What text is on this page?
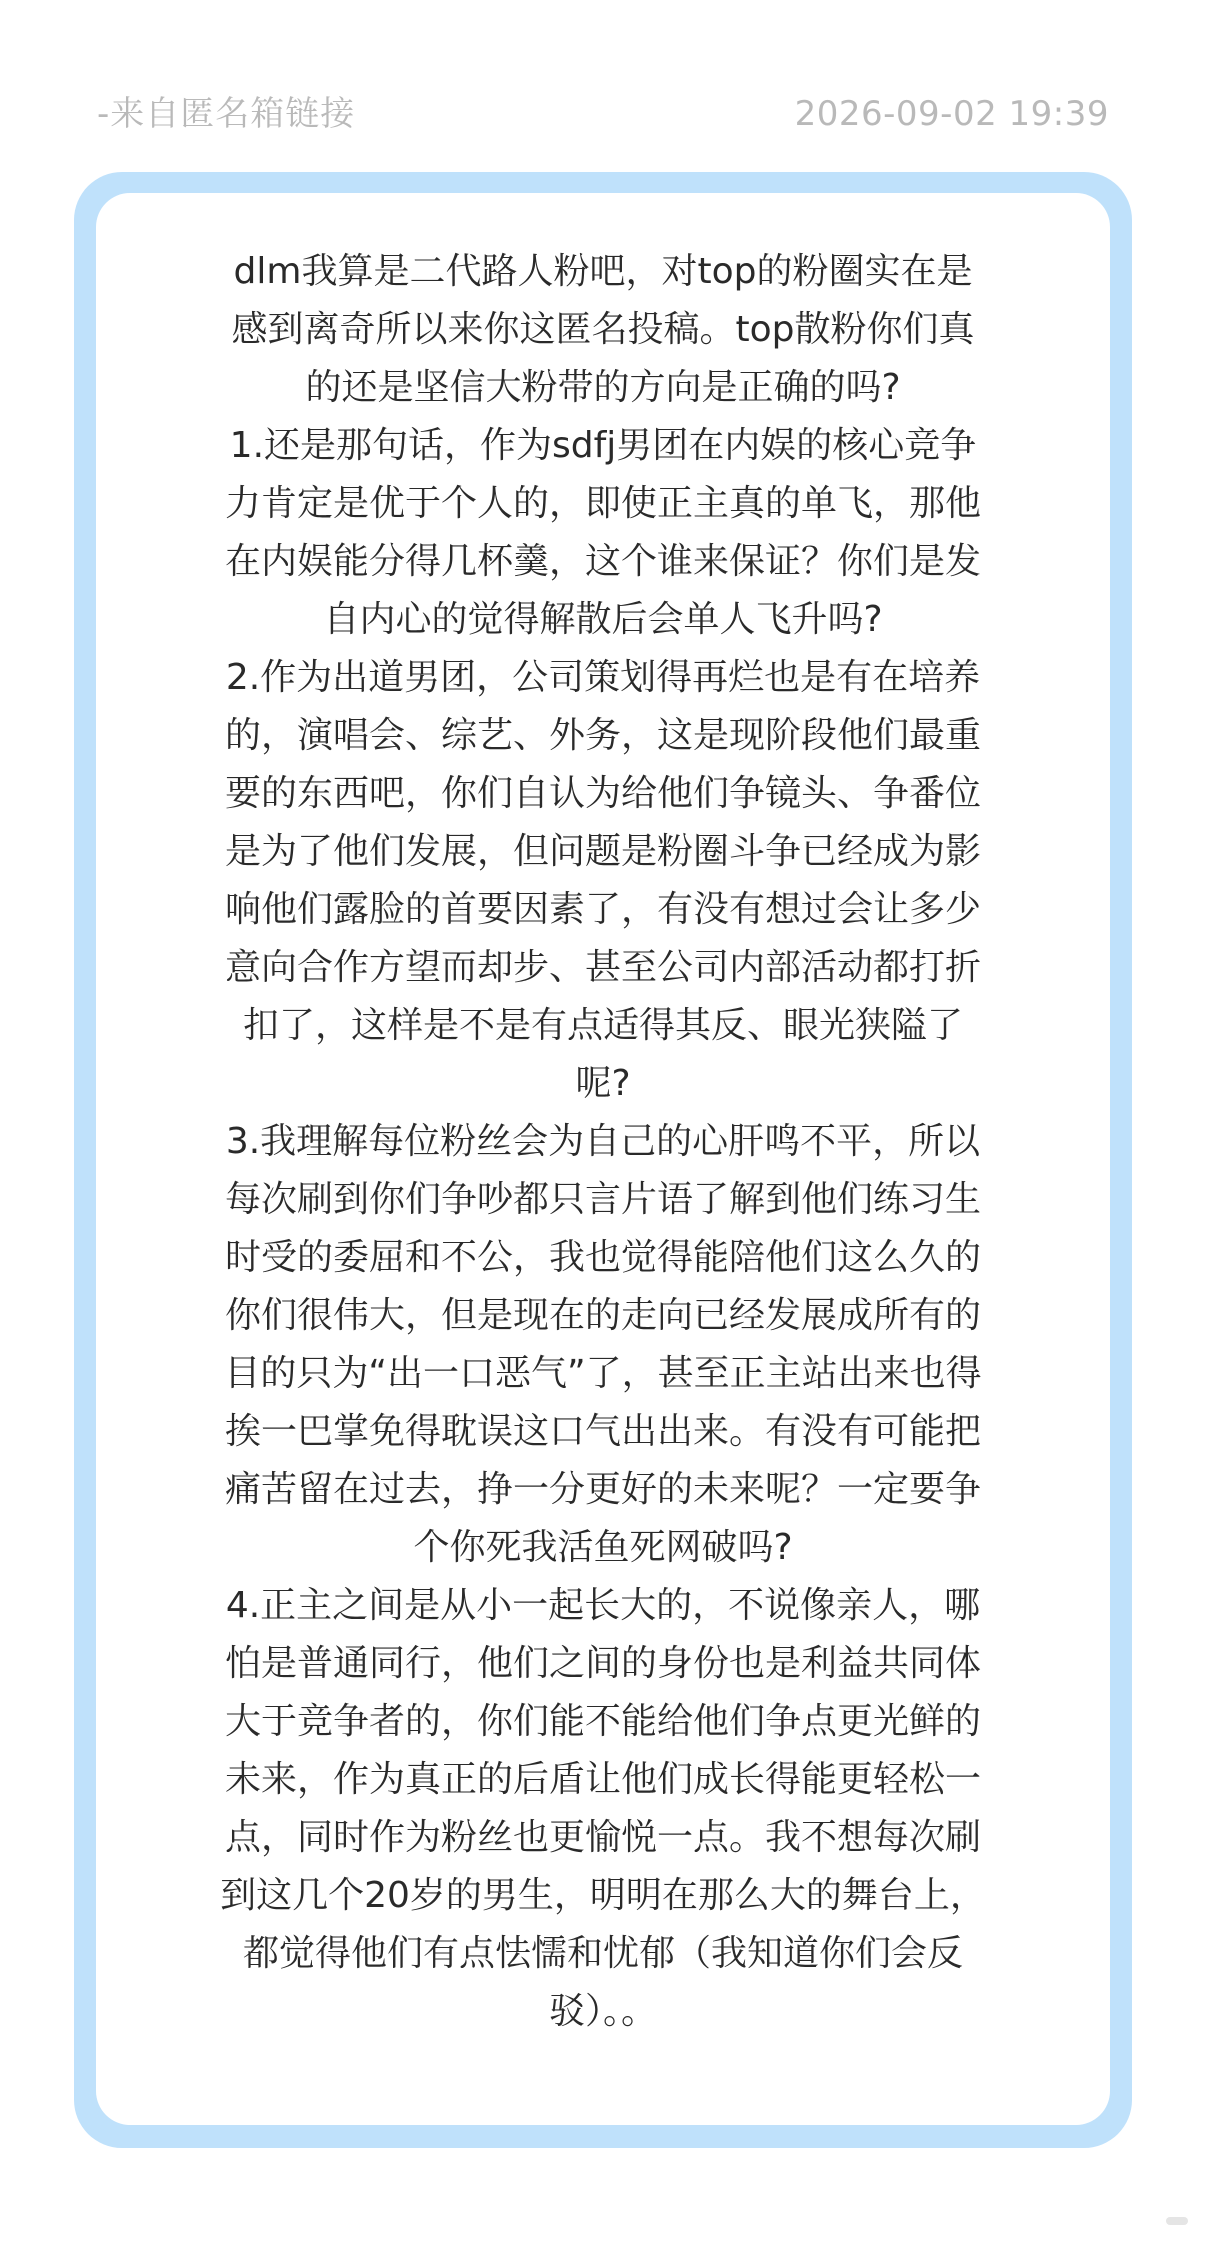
-来自匿名箱链接	2026-09-02 19:39

dlm我算是二代路人粉吧，对top的粉圈实在是
感到离奇所以来你这匿名投稿。top散粉你们真
的还是坚信大粉带的方向是正确的吗?
1.还是那句话，作为sdfj男团在内娱的核心竞争
力肯定是优于个人的，即使正主真的单飞，那他
在内娱能分得几杯羹，这个谁来保证？你们是发
自内心的觉得解散后会单人飞升吗?
2.作为出道男团，公司策划得再烂也是有在培养
的，演唱会、综艺、外务，这是现阶段他们最重
要的东西吧，你们自认为给他们争镜头、争番位
是为了他们发展，但问题是粉圈斗争已经成为影
响他们露脸的首要因素了，有没有想过会让多少
意向合作方望而却步、甚至公司内部活动都打折
扣了，这样是不是有点适得其反、眼光狭隘了
呢?
3.我理解每位粉丝会为自己的心肝鸣不平，所以
每次刷到你们争吵都只言片语了解到他们练习生
时受的委屈和不公，我也觉得能陪他们这么久的
你们很伟大，但是现在的走向已经发展成所有的
目的只为“出一口恶气”了，甚至正主站出来也得
挨一巴掌免得耽误这口气出出来。有没有可能把
痛苦留在过去，挣一分更好的未来呢？一定要争
个你死我活鱼死网破吗?
4.正主之间是从小一起长大的，不说像亲人，哪
怕是普通同行，他们之间的身份也是利益共同体
大于竞争者的，你们能不能给他们争点更光鲜的
未来，作为真正的后盾让他们成长得能更轻松一
点，同时作为粉丝也更愉悦一点。我不想每次刷
到这几个20岁的男生，明明在那么大的舞台上，
都觉得他们有点怯懦和忧郁（我知道你们会反
驳）。。
